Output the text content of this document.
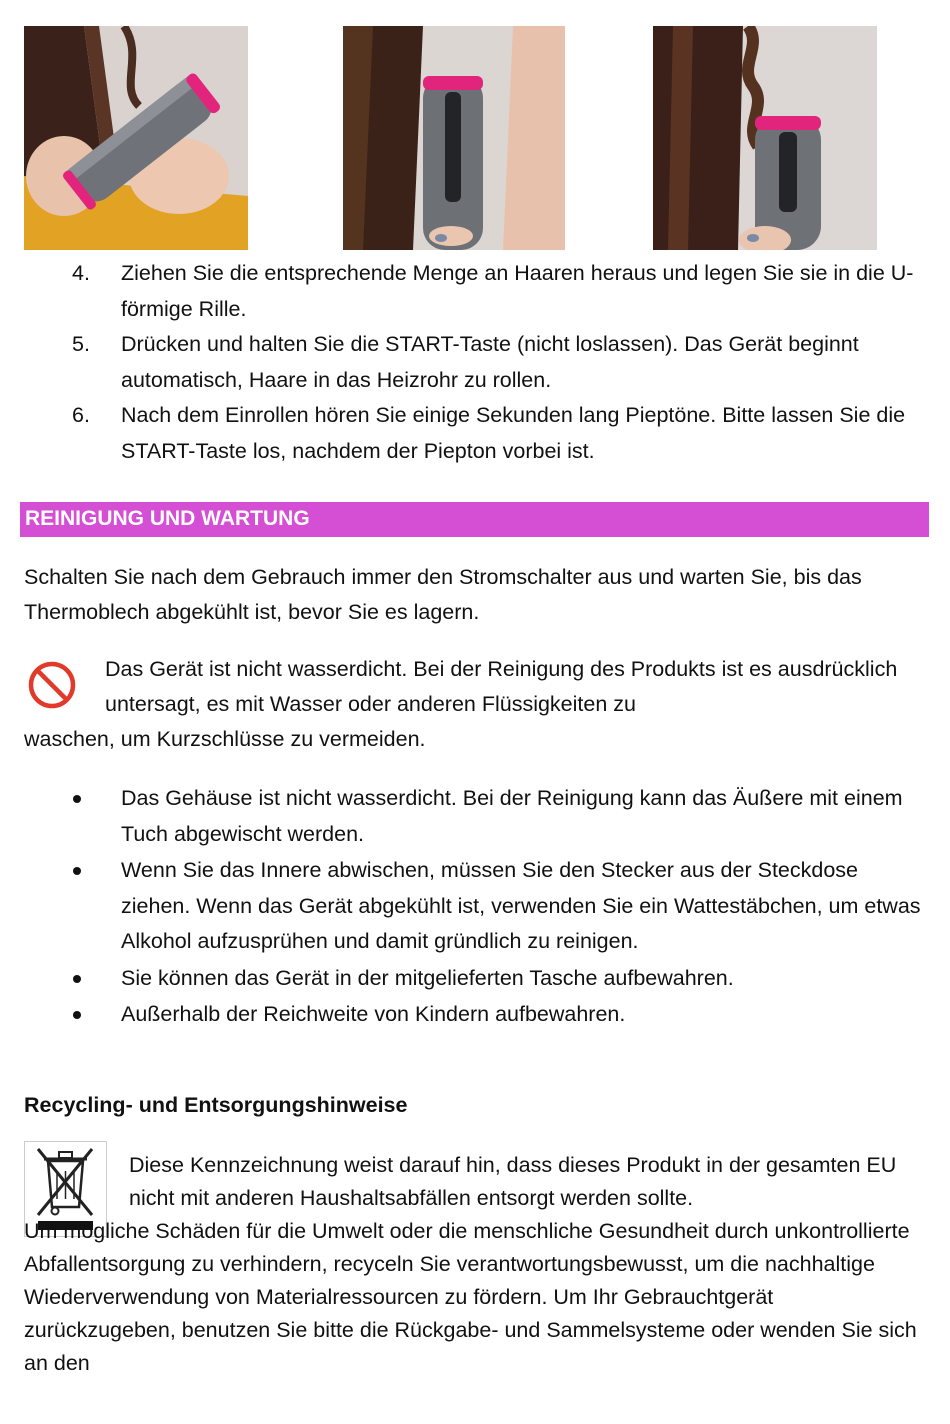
4. Ziehen Sie die entsprechende Menge an Haaren heraus und legen Sie sie in die U-förmige Rille.
5. Drücken und halten Sie die START-Taste (nicht loslassen). Das Gerät beginnt automatisch, Haare in das Heizrohr zu rollen.
6. Nach dem Einrollen hören Sie einige Sekunden lang Pieptöne. Bitte lassen Sie die START-Taste los, nachdem der Piepton vorbei ist.
REINIGUNG UND WARTUNG

Schalten Sie nach dem Gebrauch immer den Stromschalter aus und warten Sie, bis das Thermoblech abgekühlt ist, bevor Sie es lagern.

Das Gerät ist nicht wasserdicht. Bei der Reinigung des Produkts ist es ausdrücklich untersagt, es mit Wasser oder anderen Flüssigkeiten zu
waschen, um Kurzschlüsse zu vermeiden.

Das Gehäuse ist nicht wasserdicht. Bei der Reinigung kann das Äußere mit einem Tuch abgewischt werden.
Wenn Sie das Innere abwischen, müssen Sie den Stecker aus der Steckdose ziehen. Wenn das Gerät abgekühlt ist, verwenden Sie ein Wattestäbchen, um etwas Alkohol aufzusprühen und damit gründlich zu reinigen.
Sie können das Gerät in der mitgelieferten Tasche aufbewahren.
Außerhalb der Reichweite von Kindern aufbewahren.
Recycling- und Entsorgungshinweise

Diese Kennzeichnung weist darauf hin, dass dieses Produkt in der gesamten EU nicht mit anderen Haushaltsabfällen entsorgt werden sollte.
Um mögliche Schäden für die Umwelt oder die menschliche Gesundheit durch unkontrollierte Abfallentsorgung zu verhindern, recyceln Sie verantwortungsbewusst, um die nachhaltige Wiederverwendung von Materialressourcen zu fördern. Um Ihr Gebrauchtgerät zurückzugeben, benutzen Sie bitte die Rückgabe- und Sammelsysteme oder wenden Sie sich an den
